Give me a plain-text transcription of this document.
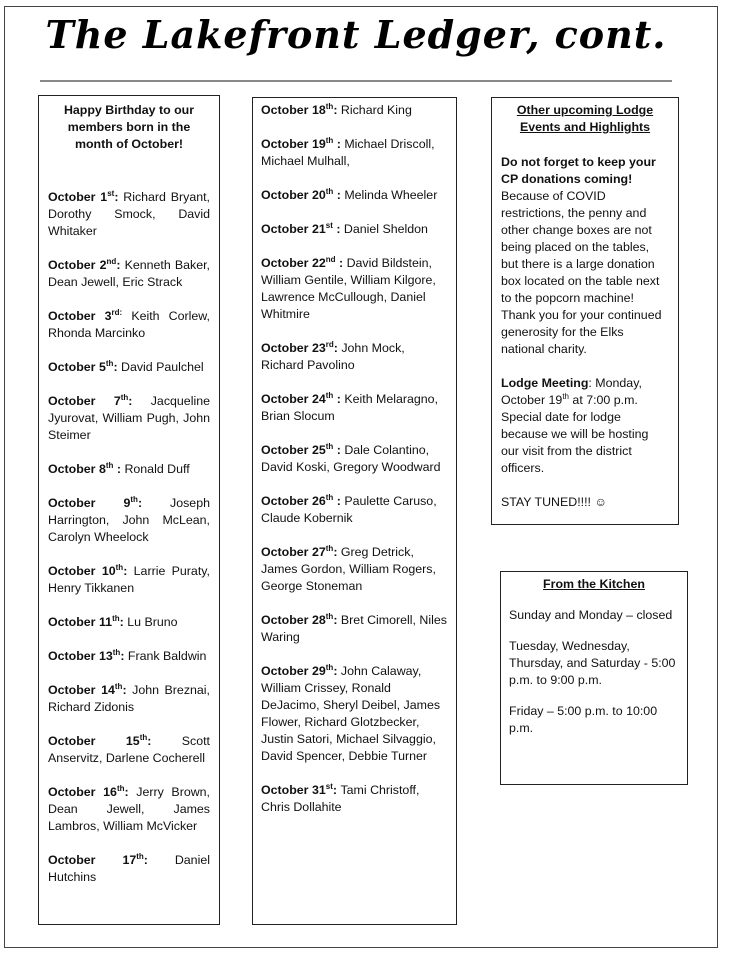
The Lakefront Ledger, cont.
Happy Birthday to our members born in the month of October!
October 1st: Richard Bryant, Dorothy Smock, David Whitaker
October 2nd: Kenneth Baker, Dean Jewell, Eric Strack
October $3^{rd:}$ Keith Corlew, Rhonda Marcinko
October 5th: David Paulchel
October 7th: Jacqueline Jyurovat, William Pugh, John Steimer
October 8th : Ronald Duff
October 9th: Joseph Harrington, John McLean, Carolyn Wheelock
October 10th: Larrie Puraty, Henry Tikkanen
October 11th: Lu Bruno
October 13th: Frank Baldwin
October 14th: John Breznai, Richard Zidonis
October 15th: Scott Anservitz, Darlene Cocherell
October 16th: Jerry Brown, Dean Jewell, James Lambros, William McVicker
October 17th: Daniel Hutchins
October 18th: Richard King
October 19th : Michael Driscoll, Michael Mulhall,
October 20th : Melinda Wheeler
October 21st : Daniel Sheldon
October 22nd : David Bildstein, William Gentile, William Kilgore, Lawrence McCullough, Daniel Whitmire
October 23rd: John Mock, Richard Pavolino
October 24th : Keith Melaragno, Brian Slocum
October 25th : Dale Colantino, David Koski, Gregory Woodward
October 26th : Paulette Caruso, Claude Kobernik
October 27th: Greg Detrick, James Gordon, William Rogers, George Stoneman
October 28th: Bret Cimorell, Niles Waring
October 29th: John Calaway, William Crissey, Ronald DeJacimo, Sheryl Deibel, James Flower, Richard Glotzbecker, Justin Satori, Michael Silvaggio, David Spencer, Debbie Turner
October 31st: Tami Christoff, Chris Dollahite
Other upcoming Lodge Events and Highlights
Do not forget to keep your CP donations coming! Because of COVID restrictions, the penny and other change boxes are not being placed on the tables, but there is a large donation box located on the table next to the popcorn machine! Thank you for your continued generosity for the Elks national charity.
Lodge Meeting: Monday, October 19th at 7:00 p.m. Special date for lodge because we will be hosting our visit from the district officers.
STAY TUNED!!!! ☺
From the Kitchen
Sunday and Monday – closed
Tuesday, Wednesday, Thursday, and Saturday - 5:00 p.m. to 9:00 p.m.
Friday – 5:00 p.m. to 10:00 p.m.
